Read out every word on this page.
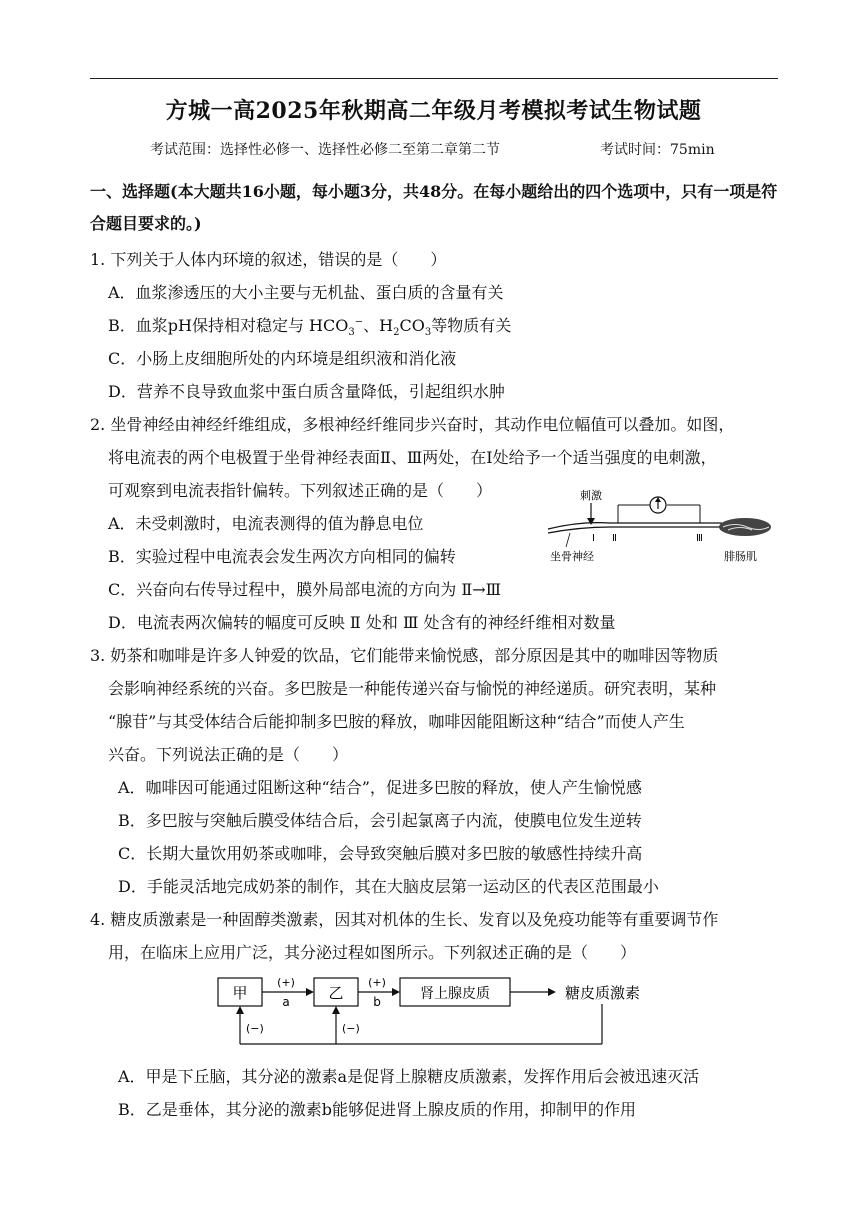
方城一高2025年秋期高二年级月考模拟考试生物试题
考试范围：选择性必修一、选择性必修二至第二章第二节	考试时间：75min
一、选择题(本大题共16小题，每小题3分，共48分。在每小题给出的四个选项中，只有一项是符合题目要求的。)
1. 下列关于人体内环境的叙述，错误的是（　　）
A．血浆渗透压的大小主要与无机盐、蛋白质的含量有关
B．血浆pH保持相对稳定与 $HCO_3^-$、$H_2CO_3$等物质有关
C．小肠上皮细胞所处的内环境是组织液和消化液
D．营养不良导致血浆中蛋白质含量降低，引起组织水肿
2. 坐骨神经由神经纤维组成，多根神经纤维同步兴奋时，其动作电位幅值可以叠加。如图，
将电流表的两个电极置于坐骨神经表面Ⅱ、Ⅲ两处，在Ⅰ处给予一个适当强度的电刺激，
可观察到电流表指针偏转。下列叙述正确的是（　　）
A．未受刺激时，电流表测得的值为静息电位
B．实验过程中电流表会发生两次方向相同的偏转
C．兴奋向右传导过程中，膜外局部电流的方向为 Ⅱ→Ⅲ
D．电流表两次偏转的幅度可反映 Ⅱ 处和 Ⅲ 处含有的神经纤维相对数量
刺激
Ⅰ Ⅱ	Ⅲ
腓肠肌
坐骨神经
3. 奶茶和咖啡是许多人钟爱的饮品，它们能带来愉悦感，部分原因是其中的咖啡因等物质
会影响神经系统的兴奋。多巴胺是一种能传递兴奋与愉悦的神经递质。研究表明，某种
“腺苷”与其受体结合后能抑制多巴胺的释放，咖啡因能阻断这种“结合”而使人产生
兴奋。下列说法正确的是（　　）
A．咖啡因可能通过阻断这种“结合”，促进多巴胺的释放，使人产生愉悦感
B．多巴胺与突触后膜受体结合后，会引起氯离子内流，使膜电位发生逆转
C．长期大量饮用奶茶或咖啡，会导致突触后膜对多巴胺的敏感性持续升高
D．手能灵活地完成奶茶的制作，其在大脑皮层第一运动区的代表区范围最小
4. 糖皮质激素是一种固醇类激素，因其对机体的生长、发育以及免疫功能等有重要调节作
用，在临床上应用广泛，其分泌过程如图所示。下列叙述正确的是（　　）
甲	乙	肾上腺皮质	糖皮质激素
(+)
a
(+)
b
(−)	(−)
A．甲是下丘脑，其分泌的激素a是促肾上腺糖皮质激素，发挥作用后会被迅速灭活
B．乙是垂体，其分泌的激素b能够促进肾上腺皮质的作用，抑制甲的作用
